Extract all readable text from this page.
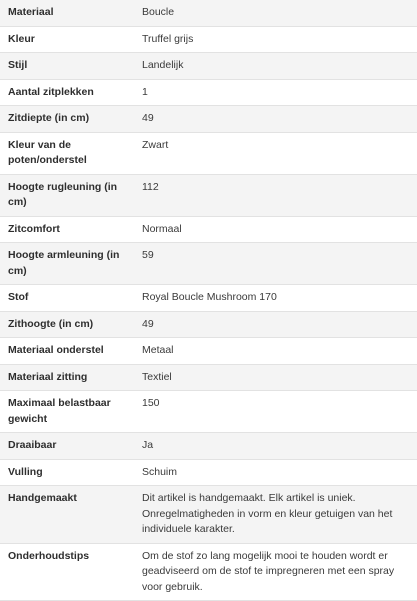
Materiaal	Boucle
Kleur	Truffel grijs
Stijl	Landelijk
Aantal zitplekken	1
Zitdiepte (in cm)	49
Kleur van de poten/onderstel	Zwart
Hoogte rugleuning (in cm)	112
Zitcomfort	Normaal
Hoogte armleuning (in cm)	59
Stof	Royal Boucle Mushroom 170
Zithoogte (in cm)	49
Materiaal onderstel	Metaal
Materiaal zitting	Textiel
Maximaal belastbaar gewicht	150
Draaibaar	Ja
Vulling	Schuim
Handgemaakt	Dit artikel is handgemaakt. Elk artikel is uniek. Onregelmatigheden in vorm en kleur getuigen van het individuele karakter.
Onderhoudstips	Om de stof zo lang mogelijk mooi te houden wordt er geadviseerd om de stof te impregneren met een spray voor gebruik.
